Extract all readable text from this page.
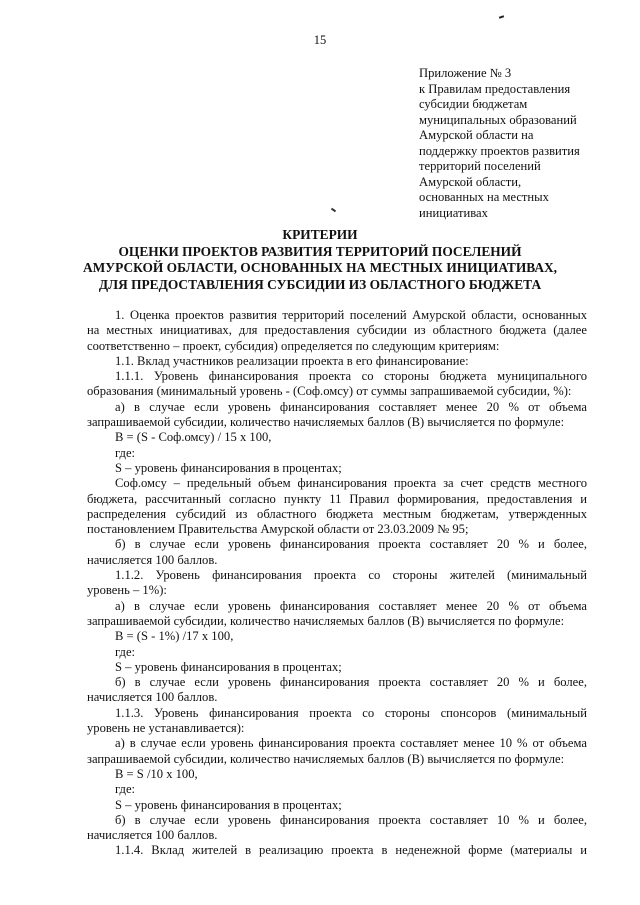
15
Приложение № 3
к Правилам предоставления
субсидии бюджетам
муниципальных образований
Амурской области на
поддержку проектов развития
территорий поселений
Амурской области,
основанных на местных
инициативах
КРИТЕРИИ
ОЦЕНКИ ПРОЕКТОВ РАЗВИТИЯ ТЕРРИТОРИЙ ПОСЕЛЕНИЙ
АМУРСКОЙ ОБЛАСТИ, ОСНОВАННЫХ НА МЕСТНЫХ ИНИЦИАТИВАХ,
ДЛЯ ПРЕДОСТАВЛЕНИЯ СУБСИДИИ ИЗ ОБЛАСТНОГО БЮДЖЕТА
1. Оценка проектов развития территорий поселений Амурской области, основанных
на местных инициативах, для предоставления субсидии из областного бюджета (далее
соответственно – проект, субсидия) определяется по следующим критериям:
1.1. Вклад участников реализации проекта в его финансирование:
1.1.1. Уровень финансирования проекта со стороны бюджета муниципального
образования (минимальный уровень - (Соф.омсу) от суммы запрашиваемой субсидии, %):
а) в случае если уровень финансирования составляет менее 20 % от объема
запрашиваемой субсидии, количество начисляемых баллов (В) вычисляется по формуле:
В = (S - Соф.омсу) / 15 х 100,
где:
S – уровень финансирования в процентах;
Соф.омсу – предельный объем финансирования проекта за счет средств местного
бюджета, рассчитанный согласно пункту 11 Правил формирования, предоставления и
распределения субсидий из областного бюджета местным бюджетам, утвержденных
постановлением Правительства Амурской области от 23.03.2009 № 95;
б) в случае если уровень финансирования проекта составляет 20 % и более,
начисляется 100 баллов.
1.1.2. Уровень финансирования проекта со стороны жителей (минимальный
уровень – 1%):
а) в случае если уровень финансирования составляет менее 20 % от объема
запрашиваемой субсидии, количество начисляемых баллов (В) вычисляется по формуле:
В = (S - 1%) /17 х 100,
где:
S – уровень финансирования в процентах;
б) в случае если уровень финансирования проекта составляет 20 % и более,
начисляется 100 баллов.
1.1.3. Уровень финансирования проекта со стороны спонсоров (минимальный
уровень не устанавливается):
а) в случае если уровень финансирования проекта составляет менее 10 % от объема
запрашиваемой субсидии, количество начисляемых баллов (В) вычисляется по формуле:
В = S /10 х 100,
где:
S – уровень финансирования в процентах;
б) в случае если уровень финансирования проекта составляет 10 % и более,
начисляется 100 баллов.
1.1.4. Вклад жителей в реализацию проекта в неденежной форме (материалы и
